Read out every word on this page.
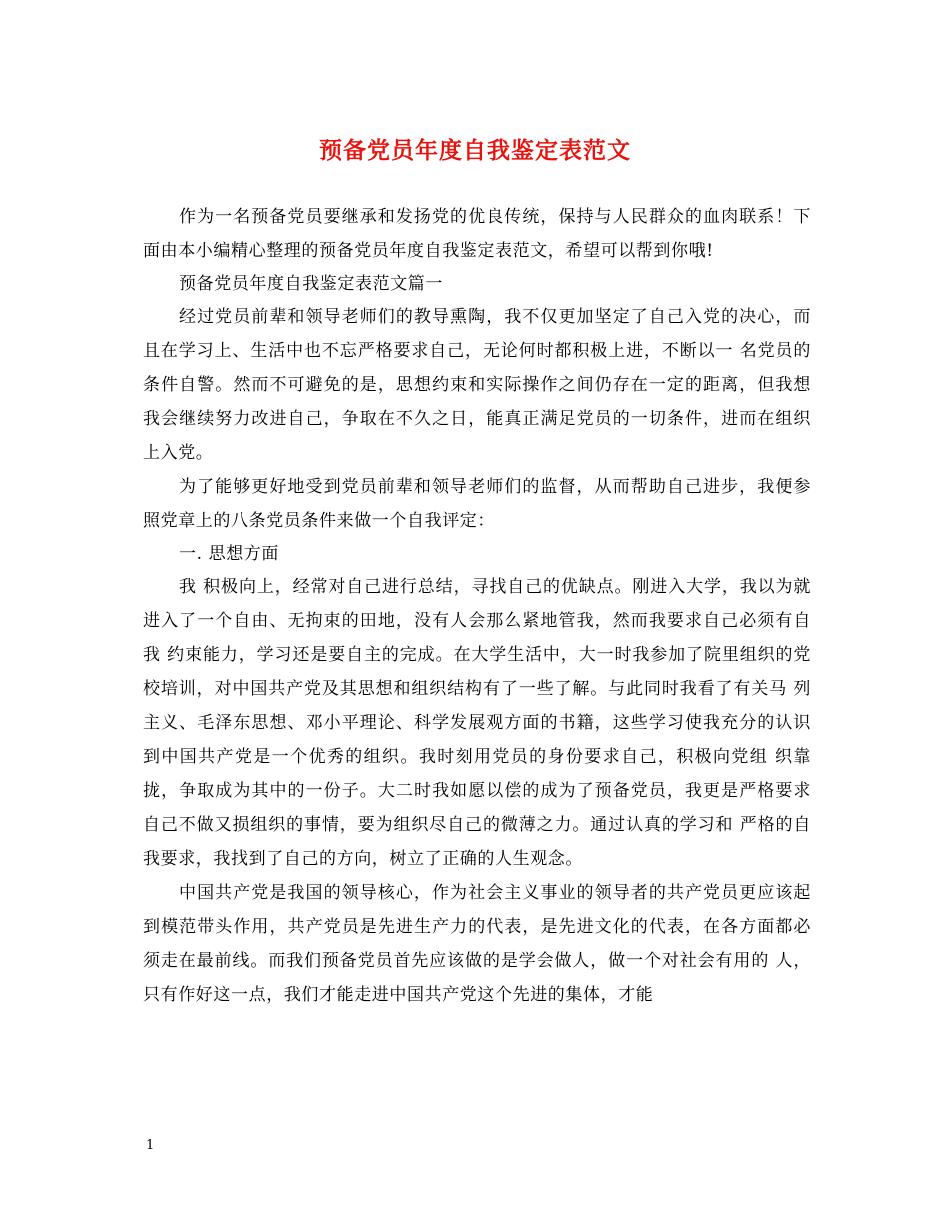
预备党员年度自我鉴定表范文

作为一名预备党员要继承和发扬党的优良传统，保持与人民群众的血肉联系！下面由本小编精心整理的预备党员年度自我鉴定表范文，希望可以帮到你哦!

预备党员年度自我鉴定表范文篇一

经过党员前辈和领导老师们的教导熏陶，我不仅更加坚定了自己入党的决心，而且在学习上、生活中也不忘严格要求自己，无论何时都积极上进，不断以一 名党员的条件自警。然而不可避免的是，思想约束和实际操作之间仍存在一定的距离，但我想我会继续努力改进自己，争取在不久之日，能真正满足党员的一切条件，进而在组织上入党。

为了能够更好地受到党员前辈和领导老师们的监督，从而帮助自己进步，我便参照党章上的八条党员条件来做一个自我评定：

一. 思想方面

我 积极向上，经常对自己进行总结，寻找自己的优缺点。刚进入大学，我以为就进入了一个自由、无拘束的田地，没有人会那么紧地管我，然而我要求自己必须有自我 约束能力，学习还是要自主的完成。在大学生活中，大一时我参加了院里组织的党校培训，对中国共产党及其思想和组织结构有了一些了解。与此同时我看了有关马 列主义、毛泽东思想、邓小平理论、科学发展观方面的书籍，这些学习使我充分的认识到中国共产党是一个优秀的组织。我时刻用党员的身份要求自己，积极向党组 织靠拢，争取成为其中的一份子。大二时我如愿以偿的成为了预备党员，我更是严格要求自己不做又损组织的事情，要为组织尽自己的微薄之力。通过认真的学习和 严格的自我要求，我找到了自己的方向，树立了正确的人生观念。

中国共产党是我国的领导核心，作为社会主义事业的领导者的共产党员更应该起 到模范带头作用，共产党员是先进生产力的代表，是先进文化的代表，在各方面都必须走在最前线。而我们预备党员首先应该做的是学会做人，做一个对社会有用的 人，只有作好这一点，我们才能走进中国共产党这个先进的集体，才能

1
